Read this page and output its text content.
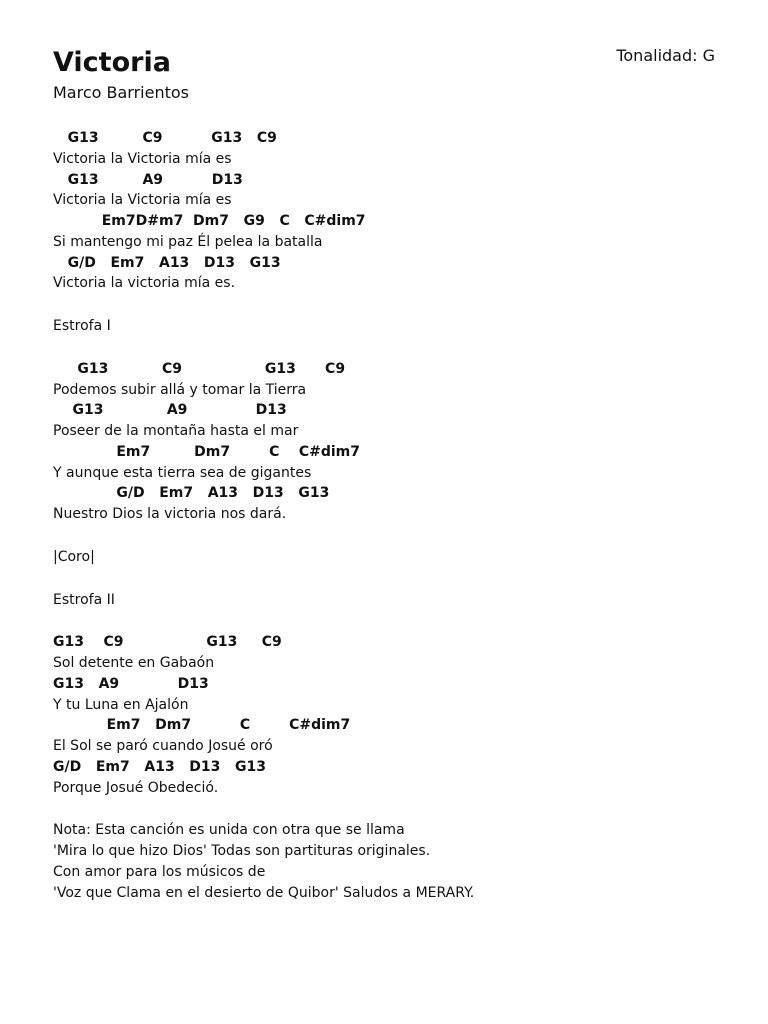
Tonalidad: G
Victoria
Marco Barrientos
G13         C9          G13   C9
Victoria la Victoria mía es
G13         A9          D13
Victoria la Victoria mía es
Em7D#m7  Dm7   G9   C   C#dim7
Si mantengo mi paz Él pelea la batalla
G/D   Em7   A13   D13   G13
Victoria la victoria mía es.
Estrofa I
G13           C9                 G13      C9
Podemos subir allá y tomar la Tierra
G13             A9              D13
Poseer de la montaña hasta el mar
Em7         Dm7        C    C#dim7
Y aunque esta tierra sea de gigantes
G/D   Em7   A13   D13   G13
Nuestro Dios la victoria nos dará.
|Coro|
Estrofa II
G13    C9                 G13     C9
Sol detente en Gabaón
G13   A9            D13
Y tu Luna en Ajalón
Em7   Dm7          C        C#dim7
El Sol se paró cuando Josué oró
G/D   Em7   A13   D13   G13
Porque Josué Obedeció.
Nota: Esta canción es unida con otra que se llama
'Mira lo que hizo Dios' Todas son partituras originales.
Con amor para los músicos de
'Voz que Clama en el desierto de Quibor' Saludos a MERARY.
